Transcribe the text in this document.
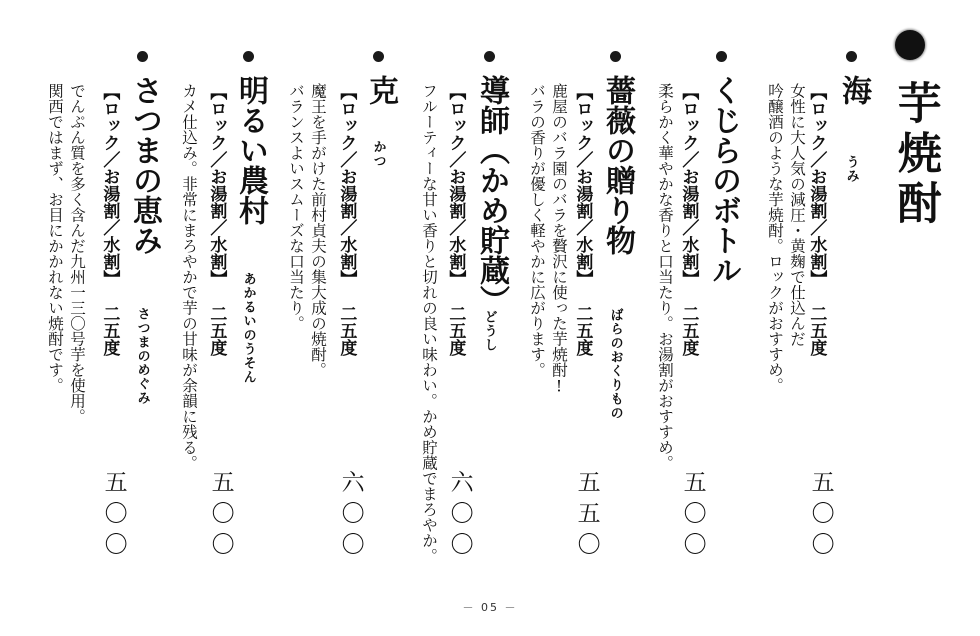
芋焼酎
海
うみ
【ロック／お湯割／水割】
二五度
女性に大人気の減圧・黄麹で仕込んだ
吟醸酒のような芋焼酎。ロックがおすすめ。
五〇〇
くじらのボトル
【ロック／お湯割／水割】
二五度
柔らかく華やかな香りと口当たり。お湯割がおすすめ。
五〇〇
薔薇の贈り物
ばらのおくりもの
【ロック／お湯割／水割】
二五度
鹿屋のバラ園のバラを贅沢に使った芋焼酎!
バラの香りが優しく軽やかに広がります。
五五〇
導師（かめ貯蔵）
どうし
【ロック／お湯割／水割】
二五度
フルーティーな甘い香りと切れの良い味わい。かめ貯蔵でまろやか。 六〇〇
克
かつ
【ロック／お湯割／水割】
二五度
魔王を手がけた前村貞夫の集大成の焼酎。
バランスよいスムーズな口当たり。
六〇〇
明るい農村
あかるいのうそん
【ロック／お湯割／水割】
二五度
カメ仕込み。非常にまろやかで芋の甘味が余韻に残る。
五〇〇
さつまの恵み
さつまのめぐみ
【ロック／お湯割／水割】
二五度
でんぷん質を多く含んだ九州一三〇号芋を使用。
関西ではまず、お目にかかれない焼酎です。
五〇〇
－ 05 －
